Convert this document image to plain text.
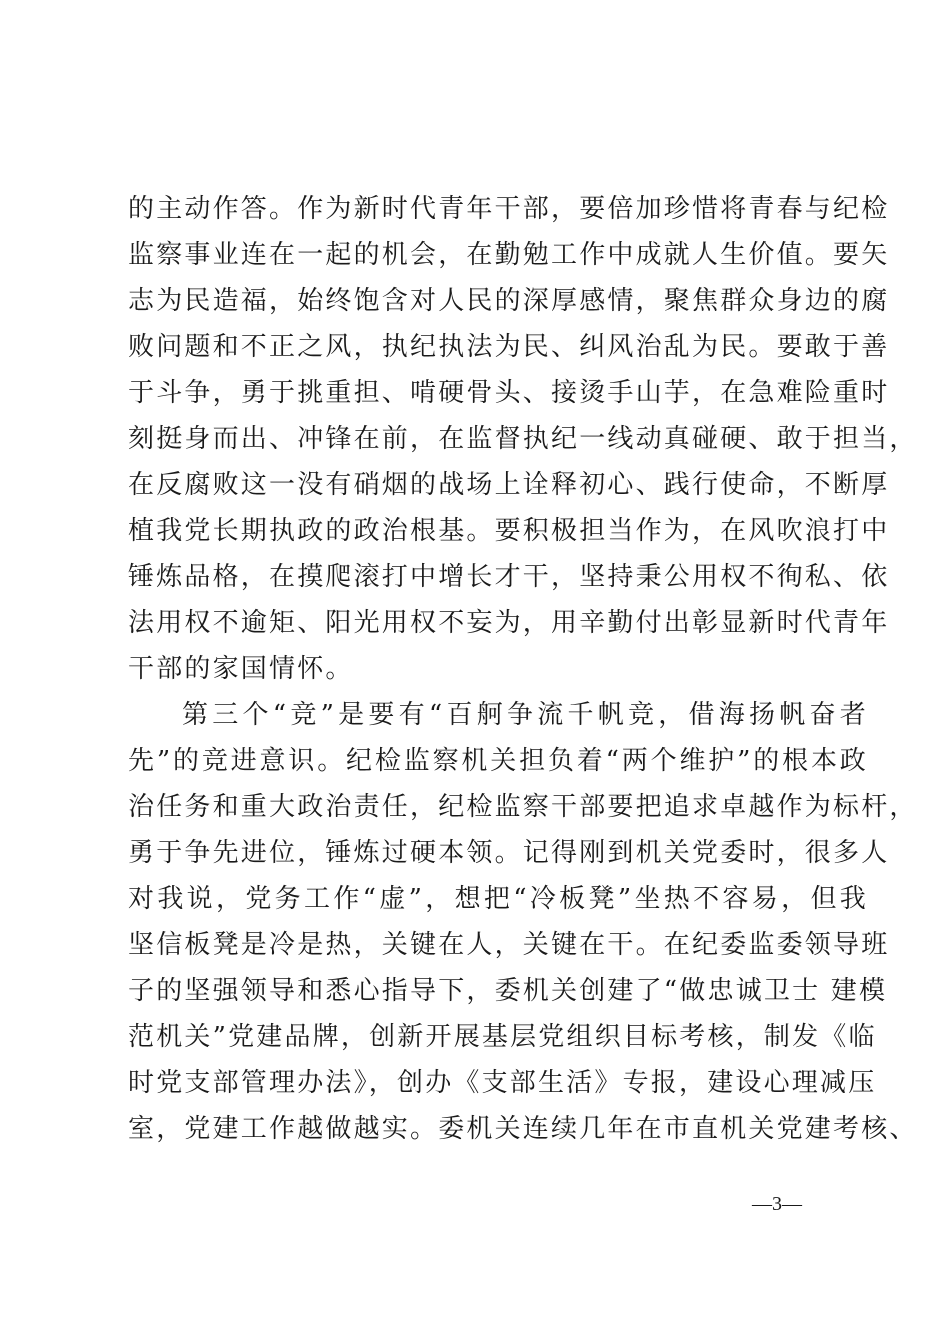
的主动作答。作为新时代青年干部，要倍加珍惜将青春与纪检
监察事业连在一起的机会，在勤勉工作中成就人生价值。要矢
志为民造福，始终饱含对人民的深厚感情，聚焦群众身边的腐
败问题和不正之风，执纪执法为民、纠风治乱为民。要敢于善
于斗争，勇于挑重担、啃硬骨头、接烫手山芋，在急难险重时
刻挺身而出、冲锋在前，在监督执纪一线动真碰硬、敢于担当，
在反腐败这一没有硝烟的战场上诠释初心、践行使命，不断厚
植我党长期执政的政治根基。要积极担当作为，在风吹浪打中
锤炼品格，在摸爬滚打中增长才干，坚持秉公用权不徇私、依
法用权不逾矩、阳光用权不妄为，用辛勤付出彰显新时代青年
干部的家国情怀。
第三个“竞”是要有“百舸争流千帆竞，借海扬帆奋者
先”的竞进意识。纪检监察机关担负着“两个维护”的根本政
治任务和重大政治责任，纪检监察干部要把追求卓越作为标杆，
勇于争先进位，锤炼过硬本领。记得刚到机关党委时，很多人
对我说，党务工作“虚”，想把“冷板凳”坐热不容易，但我
坚信板凳是冷是热，关键在人，关键在干。在纪委监委领导班
子的坚强领导和悉心指导下，委机关创建了“做忠诚卫士 建模
范机关”党建品牌，创新开展基层党组织目标考核，制发《临
时党支部管理办法》，创办《支部生活》专报，建设心理减压
室，党建工作越做越实。委机关连续几年在市直机关党建考核、
—3—
